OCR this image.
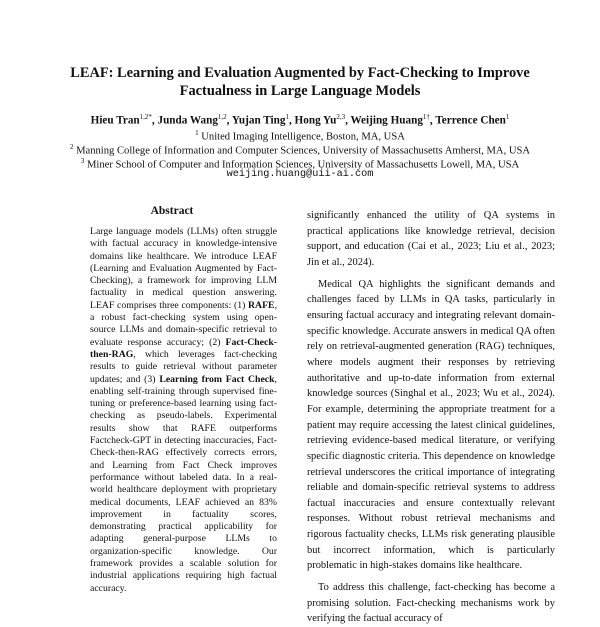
LEAF: Learning and Evaluation Augmented by Fact-Checking to Improve Factualness in Large Language Models
Hieu Tran$^{1,2*}$, Junda Wang$^{1,2}$, Yujan Ting$^1$, Hong Yu$^{2,3}$, Weijing Huang$^{1\dagger}$, Terrence Chen$^1$
$^1$ United Imaging Intelligence, Boston, MA, USA
$^2$ Manning College of Information and Computer Sciences, University of Massachusetts Amherst, MA, USA
$^3$ Miner School of Computer and Information Sciences, University of Massachusetts Lowell, MA, USA
weijing.huang@uii-ai.com
Abstract
Large language models (LLMs) often struggle with factual accuracy in knowledge-intensive domains like healthcare. We introduce LEAF (Learning and Evaluation Augmented by Fact-Checking), a framework for improving LLM factuality in medical question answering. LEAF comprises three components: (1) RAFE, a robust fact-checking system using open-source LLMs and domain-specific retrieval to evaluate response accuracy; (2) Fact-Check-then-RAG, which leverages fact-checking results to guide retrieval without parameter updates; and (3) Learning from Fact Check, enabling self-training through supervised fine-tuning or preference-based learning using fact-checking as pseudo-labels. Experimental results show that RAFE outperforms Factcheck-GPT in detecting inaccuracies, Fact-Check-then-RAG effectively corrects errors, and Learning from Fact Check improves performance without labeled data. In a real-world healthcare deployment with proprietary medical documents, LEAF achieved an 83% improvement in factuality scores, demonstrating practical applicability for adapting general-purpose LLMs to organization-specific knowledge. Our framework provides a scalable solution for industrial applications requiring high factual accuracy.

significantly enhanced the utility of QA systems in practical applications like knowledge retrieval, decision support, and education (Cai et al., 2023; Liu et al., 2023; Jin et al., 2024).

Medical QA highlights the significant demands and challenges faced by LLMs in QA tasks, particularly in ensuring factual accuracy and integrating relevant domain-specific knowledge. Accurate answers in medical QA often rely on retrieval-augmented generation (RAG) techniques, where models augment their responses by retrieving authoritative and up-to-date information from external knowledge sources (Singhal et al., 2023; Wu et al., 2024). For example, determining the appropriate treatment for a patient may require accessing the latest clinical guidelines, retrieving evidence-based medical literature, or verifying specific diagnostic criteria. This dependence on knowledge retrieval underscores the critical importance of integrating reliable and domain-specific retrieval systems to address factual inaccuracies and ensure contextually relevant responses. Without robust retrieval mechanisms and rigorous factuality checks, LLMs risk generating plausible but incorrect information, which is particularly problematic in high-stakes domains like healthcare.

To address this challenge, fact-checking has become a promising solution. Fact-checking mechanisms work by verifying the factual accuracy of
